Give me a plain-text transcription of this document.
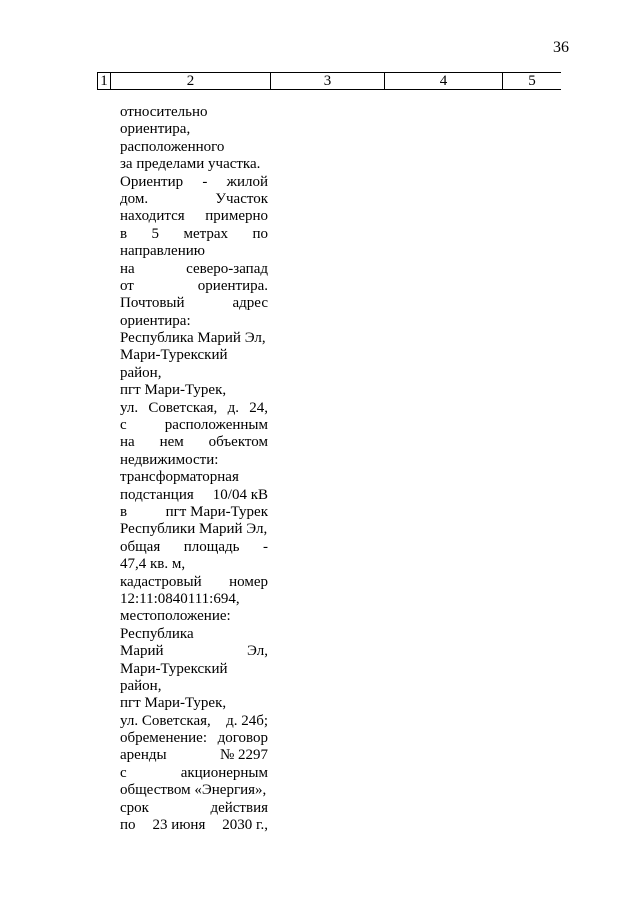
36
1	2	3	4	5
относительно
ориентира,
расположенного
за пределами участка.
Ориентир - жилой
дом.	Участок
находится примерно
в 5 метрах по
направлению
на	северо-запад
от	ориентира.
Почтовый	адрес
ориентира:
Республика Марий Эл,
Мари-Турекский
район,
пгт Мари-Турек,
ул. Советская, д. 24,
с	расположенным
на нем объектом
недвижимости:
трансформаторная
подстанция 10/04 кВ
в	пгт Мари-Турек
Республики Марий Эл,
общая площадь -
47,4 кв. м,
кадастровый номер
12:11:0840111:694,
местоположение:
Республика
Марий	Эл,
Мари-Турекский
район,
пгт Мари-Турек,
ул. Советская, д. 24б;
обременение: договор
аренды	№ 2297
с	акционерным
обществом «Энергия»,
срок	действия
по 23 июня 2030 г.,
